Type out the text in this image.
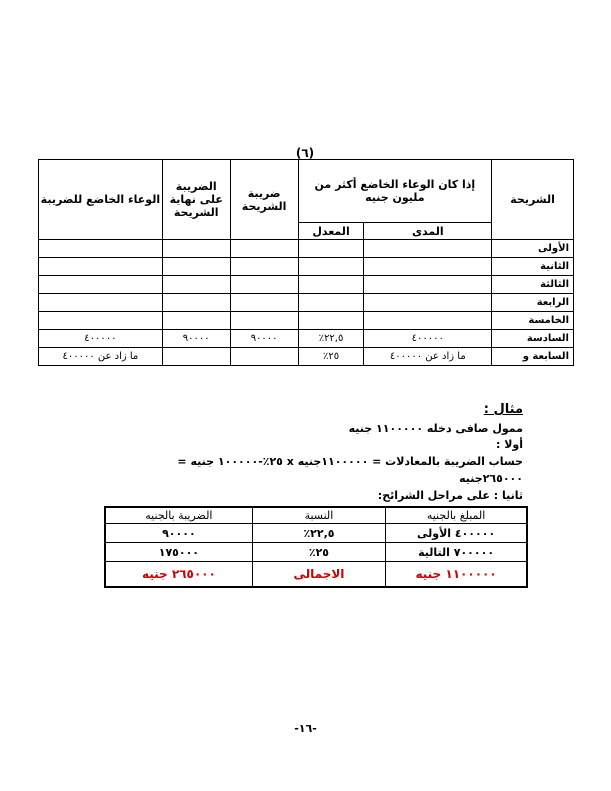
(٦)
الشريحة	إذا كان الوعاء الخاضع أكثر من مليون جنيه		ضريبة الشريحة	الضريبة على نهاية الشريحة	الوعاء الخاضع للضريبة
	المدى	المعدل			
الأولى					
الثانية					
الثالثة					
الرابعة					
الخامسة					
السادسة	٤٠٠٠٠٠	٢٢,٥٪	٩٠٠٠٠	٩٠٠٠٠	٤٠٠٠٠٠
السابعة و	ما زاد عن ٤٠٠٠٠٠	٢٥٪			ما زاد عن ٤٠٠٠٠٠
مثال :
ممول صافى دخله ١١٠٠٠٠٠ جنيه
أولا :
حساب الضريبة بالمعادلات = ١١٠٠٠٠٠جنيه x ٢٥٪-١٠٠٠٠٠ جنيه =
٢٦٥٠٠٠جنيه
ثانيا : على مراحل الشرائح:
المبلغ بالجنيه	النسبة	الضريبة بالجنيه
٤٠٠٠٠٠ الأولى	٢٢,٥٪	٩٠٠٠٠
٧٠٠٠٠٠ التالية	٢٥٪	١٧٥٠٠٠
١١٠٠٠٠٠ جنيه	الاجمالى	٢٦٥٠٠٠ جنيه
-١٦-
